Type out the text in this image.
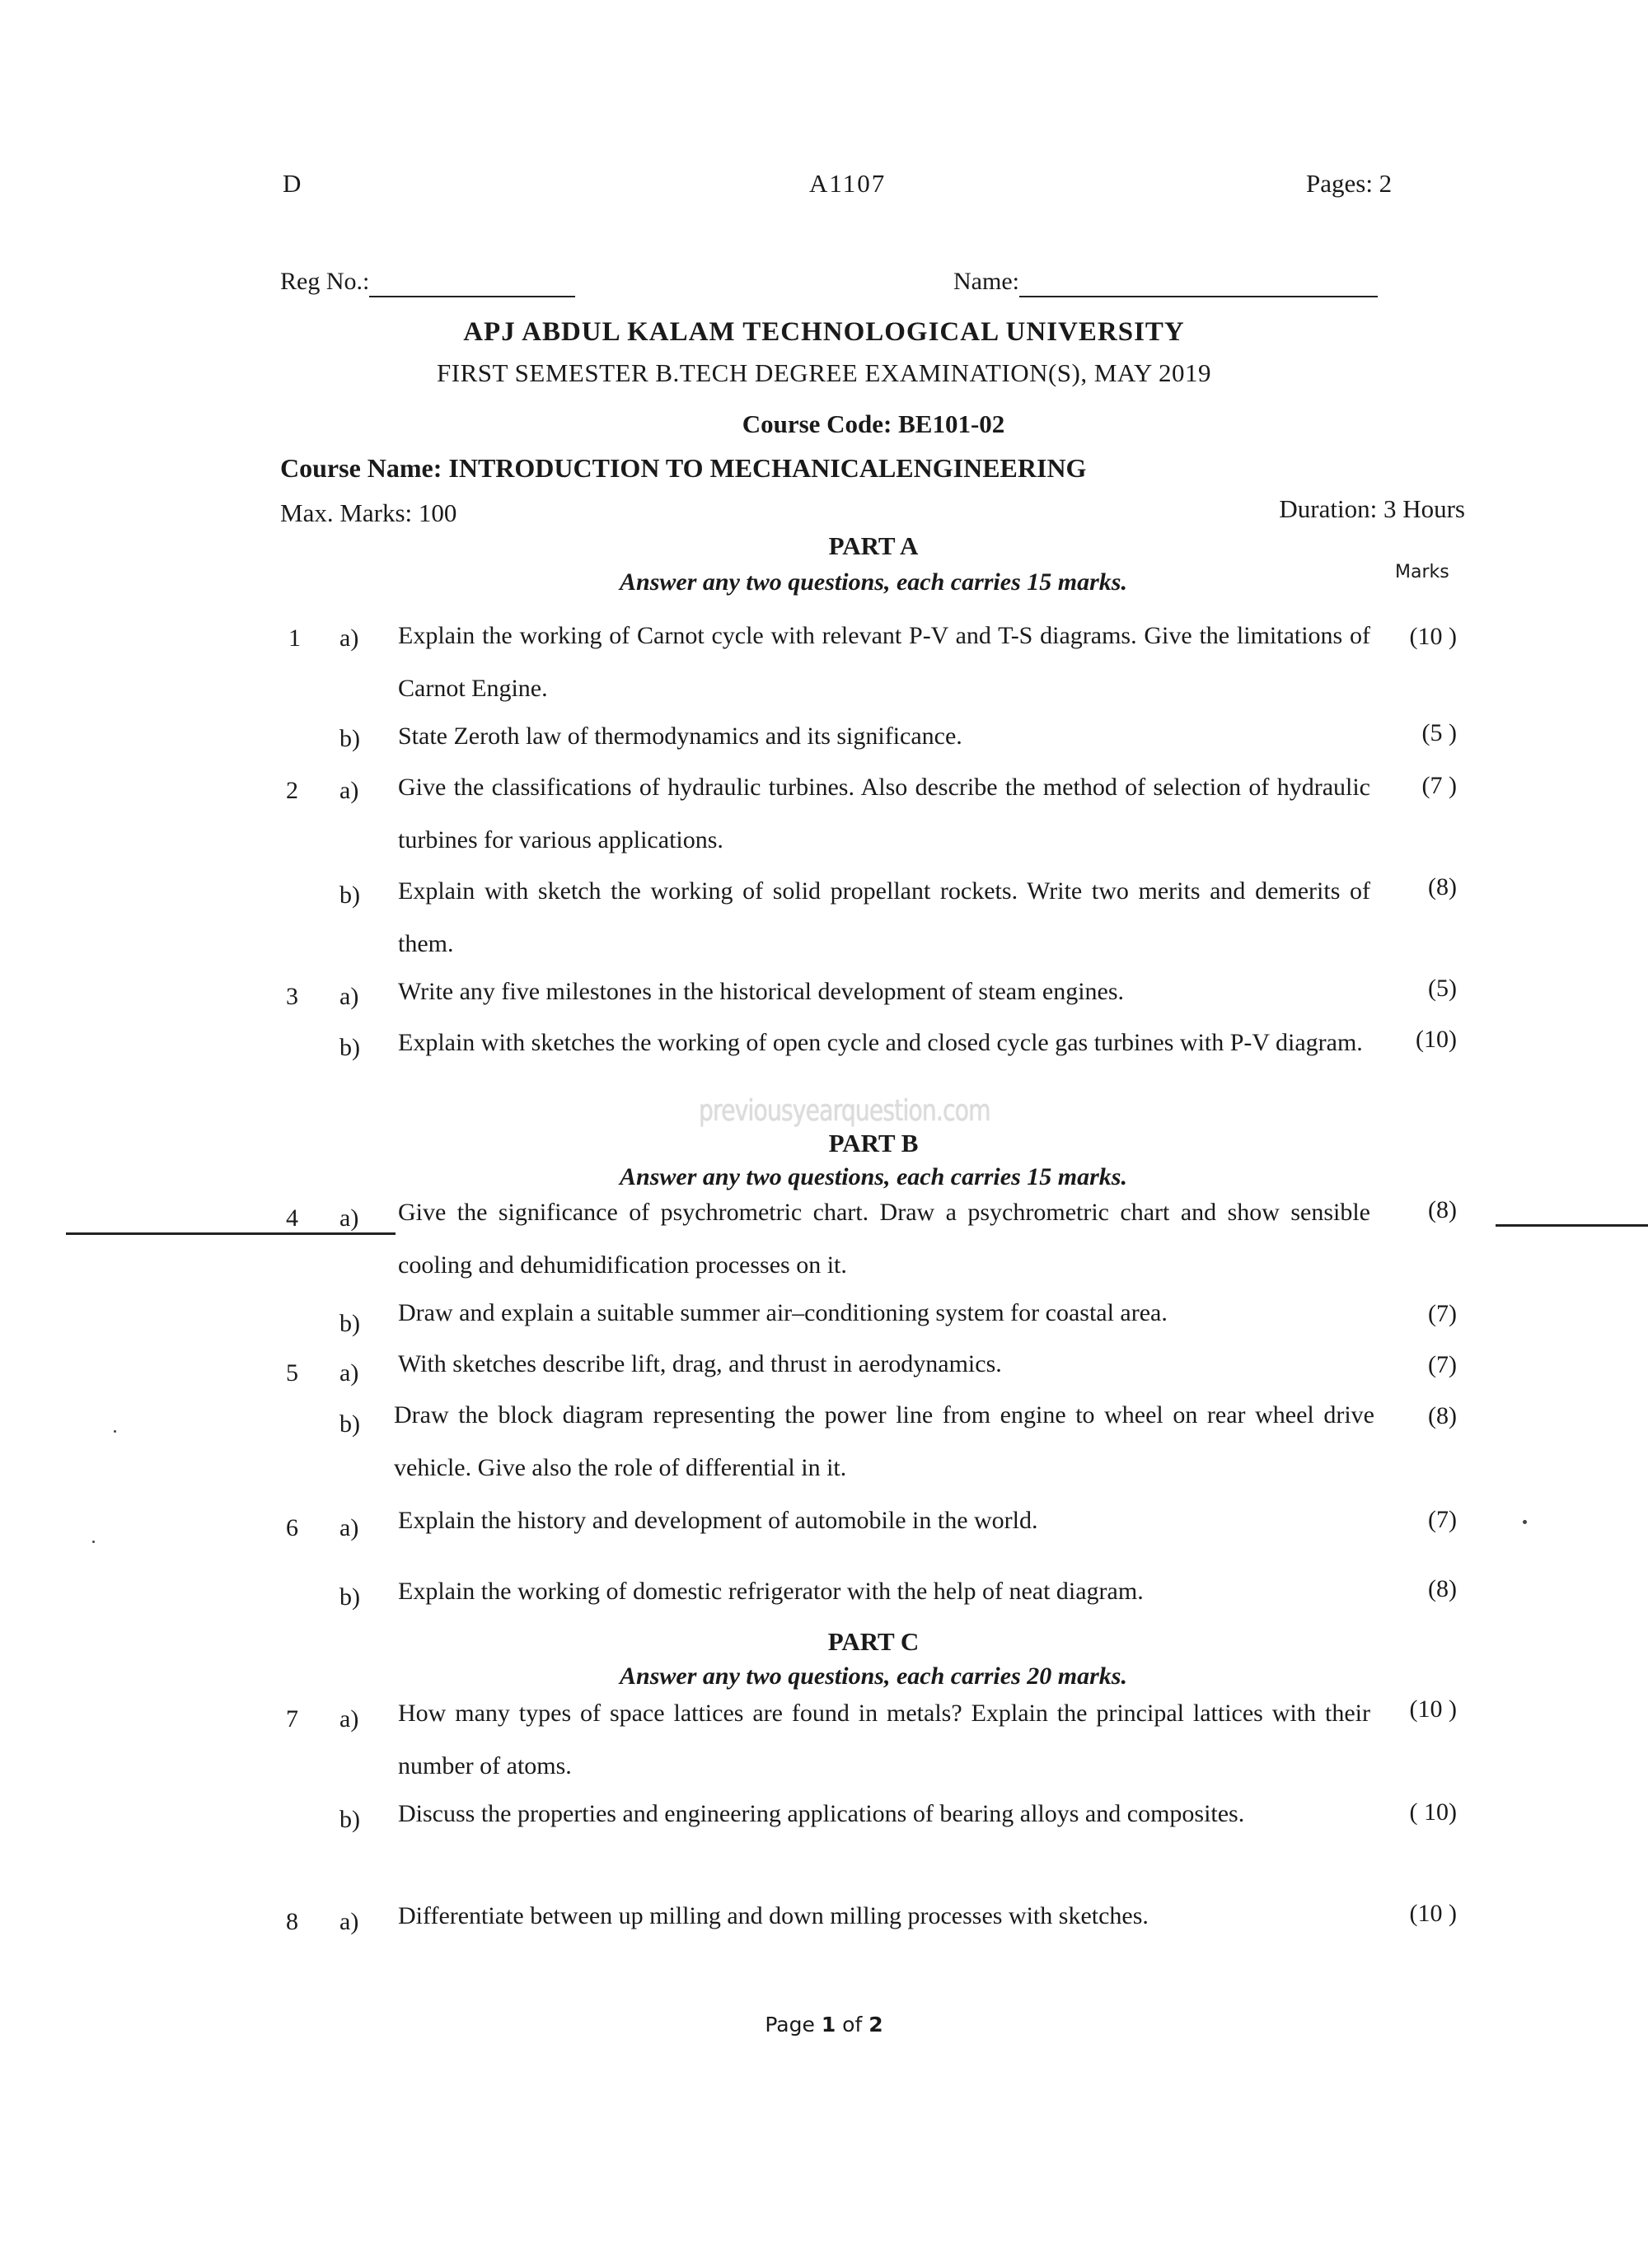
D	A1107	Pages: 2
Reg No.:	Name:
APJ ABDUL KALAM TECHNOLOGICAL UNIVERSITY
FIRST SEMESTER B.TECH DEGREE EXAMINATION(S), MAY 2019
Course Code: BE101-02
Course Name: INTRODUCTION TO MECHANICALENGINEERING
Max. Marks: 100	Duration: 3 Hours
PART A
Answer any two questions, each carries 15 marks.	Marks
1 a) Explain the working of Carnot cycle with relevant P-V and T-S diagrams. Give the limitations of Carnot Engine.
(10 )
b) State Zeroth law of thermodynamics and its significance.	(5 )
2 a) Give the classifications of hydraulic turbines. Also describe the method of selection of hydraulic turbines for various applications.
(7 )
b) Explain with sketch the working of solid propellant rockets. Write two merits and demerits of them.
(8)
3 a) Write any five milestones in the historical development of steam engines.	(5)
b) Explain with sketches the working of open cycle and closed cycle gas turbines with P-V diagram.	(10)
previousyearquestion.com
PART B
Answer any two questions, each carries 15 marks.
4 a) Give the significance of psychrometric chart. Draw a psychrometric chart and show sensible cooling and dehumidification processes on it.
(8)
b) Draw and explain a suitable summer air–conditioning system for coastal area.	(7)
5 a) With sketches describe lift, drag, and thrust in aerodynamics.	(7)
b) Draw the block diagram representing the power line from engine to wheel on rear wheel drive vehicle. Give also the role of differential in it.
(8)
6 a) Explain the history and development of automobile in the world.	(7)
b) Explain the working of domestic refrigerator with the help of neat diagram.	(8)
PART C
Answer any two questions, each carries 20 marks.
7 a) How many types of space lattices are found in metals? Explain the principal lattices with their number of atoms.
(10 )
b) Discuss the properties and engineering applications of bearing alloys and composites.	( 10)
8 a) Differentiate between up milling and down milling processes with sketches.	(10 )
Page 1 of 2
